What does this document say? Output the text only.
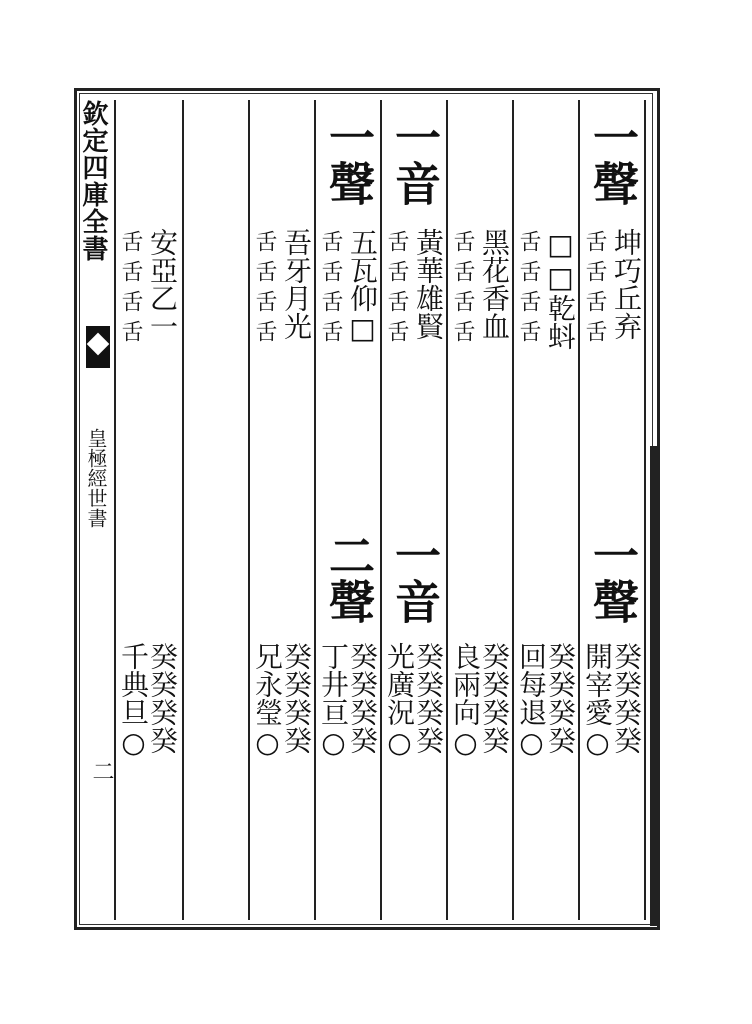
欽定四庫全書
皇極經世書
二
一聲
坤巧丘弃
舌舌舌舌
□□乾蚪
舌舌舌舌
黑花香血
舌舌舌舌
一音
黃華雄賢
舌舌舌舌
一聲
五瓦仰□
舌舌舌舌
吾牙月光
舌舌舌舌
安亞乙一
舌舌舌舌
一聲
癸癸癸癸
開宰愛○
癸癸癸癸
回每退○
癸癸癸癸
良兩向○
一音
癸癸癸癸
光廣況○
二聲
癸癸癸癸
丁井亘○
癸癸癸癸
兄永瑩○
癸癸癸癸
千典旦○
